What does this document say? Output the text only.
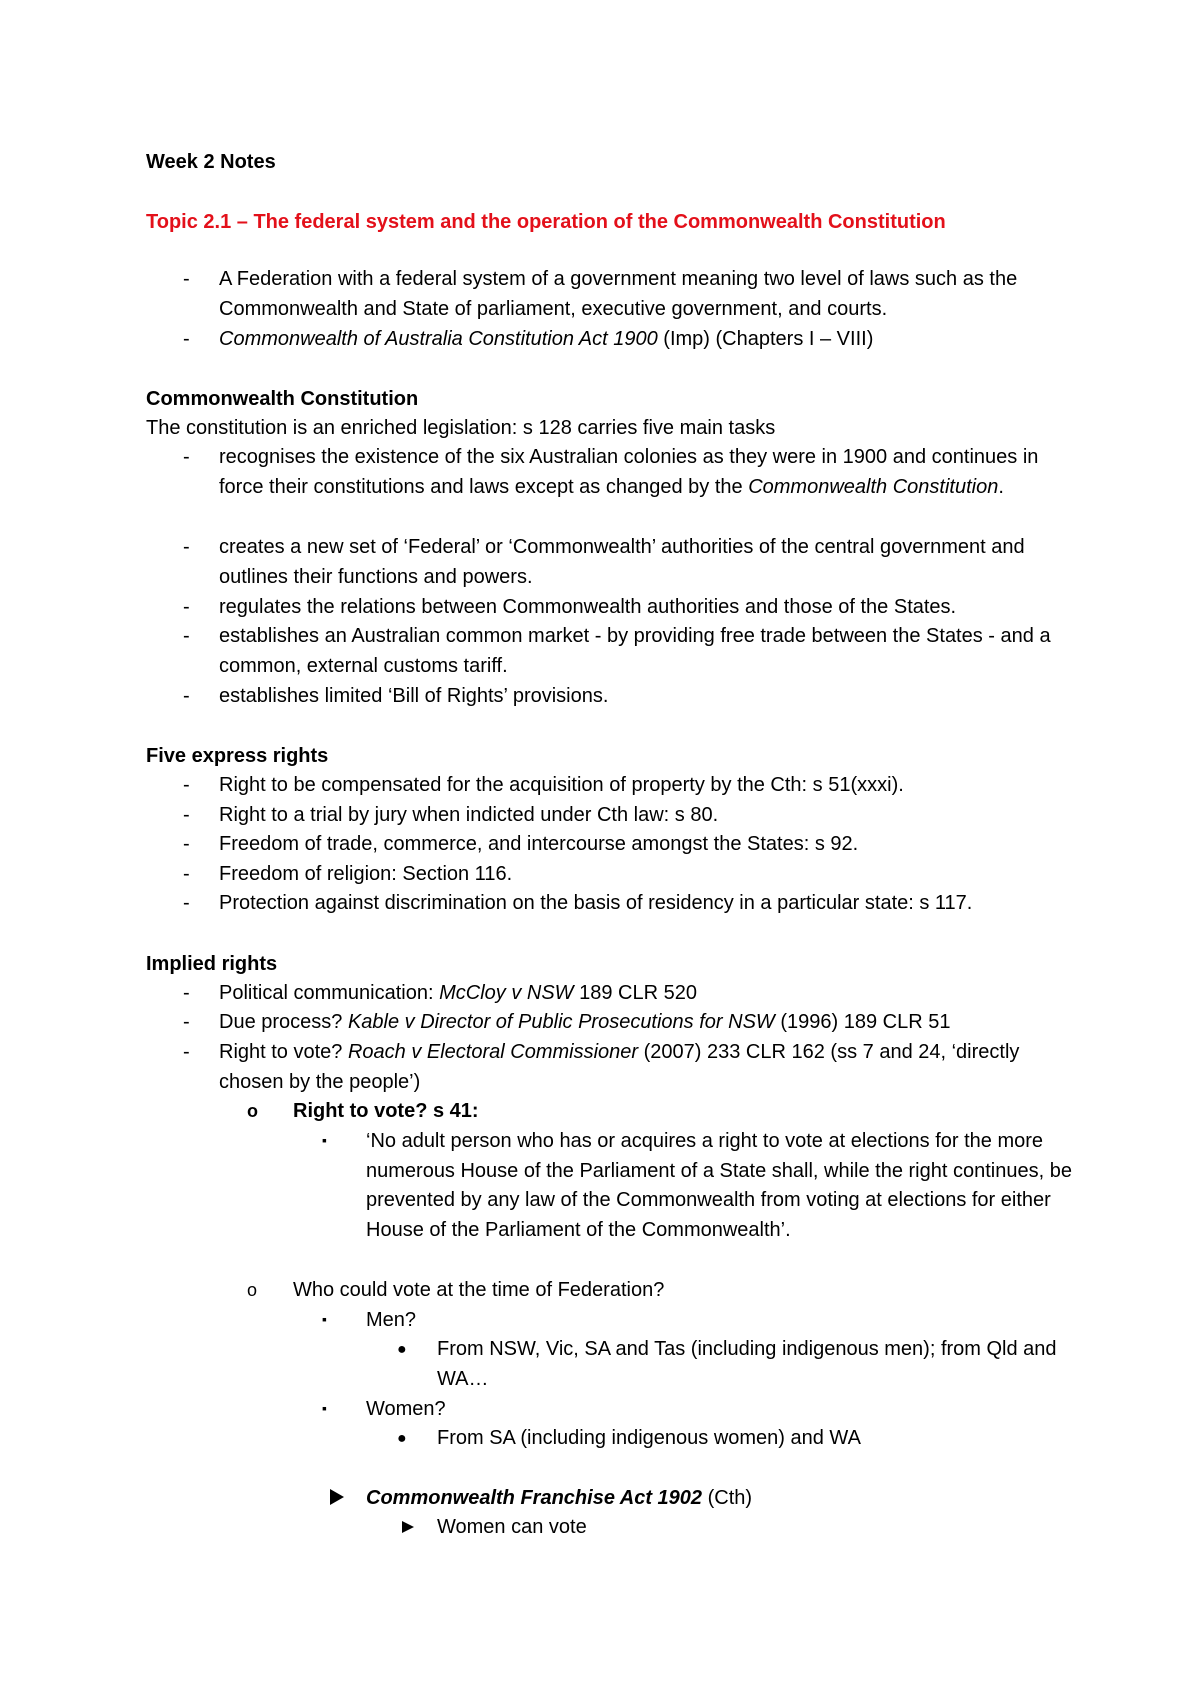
Week 2 Notes

Topic 2.1 – The federal system and the operation of the Commonwealth Constitution

- A Federation with a federal system of a government meaning two level of laws such as the Commonwealth and State of parliament, executive government, and courts.
- Commonwealth of Australia Constitution Act 1900 (Imp) (Chapters I – VIII)

Commonwealth Constitution

The constitution is an enriched legislation: s 128 carries five main tasks

- recognises the existence of the six Australian colonies as they were in 1900 and continues in force their constitutions and laws except as changed by the Commonwealth Constitution.
- creates a new set of ‘Federal’ or ‘Commonwealth’ authorities of the central government and outlines their functions and powers.
- regulates the relations between Commonwealth authorities and those of the States.
- establishes an Australian common market - by providing free trade between the States - and a common, external customs tariff.
- establishes limited ‘Bill of Rights’ provisions.

Five express rights

- Right to be compensated for the acquisition of property by the Cth: s 51(xxxi).
- Right to a trial by jury when indicted under Cth law: s 80.
- Freedom of trade, commerce, and intercourse amongst the States: s 92.
- Freedom of religion: Section 116.
- Protection against discrimination on the basis of residency in a particular state: s 117.

Implied rights

- Political communication: McCloy v NSW 189 CLR 520
- Due process? Kable v Director of Public Prosecutions for NSW (1996) 189 CLR 51
- Right to vote? Roach v Electoral Commissioner (2007) 233 CLR 162 (ss 7 and 24, ‘directly chosen by the people’)
o Right to vote? s 41:
▪ ‘No adult person who has or acquires a right to vote at elections for the more numerous House of the Parliament of a State shall, while the right continues, be prevented by any law of the Commonwealth from voting at elections for either House of the Parliament of the Commonwealth’.
o Who could vote at the time of Federation?
▪ Men?
● From NSW, Vic, SA and Tas (including indigenous men); from Qld and WA…
▪ Women?
● From SA (including indigenous women) and WA
Commonwealth Franchise Act 1902 (Cth)
Women can vote
